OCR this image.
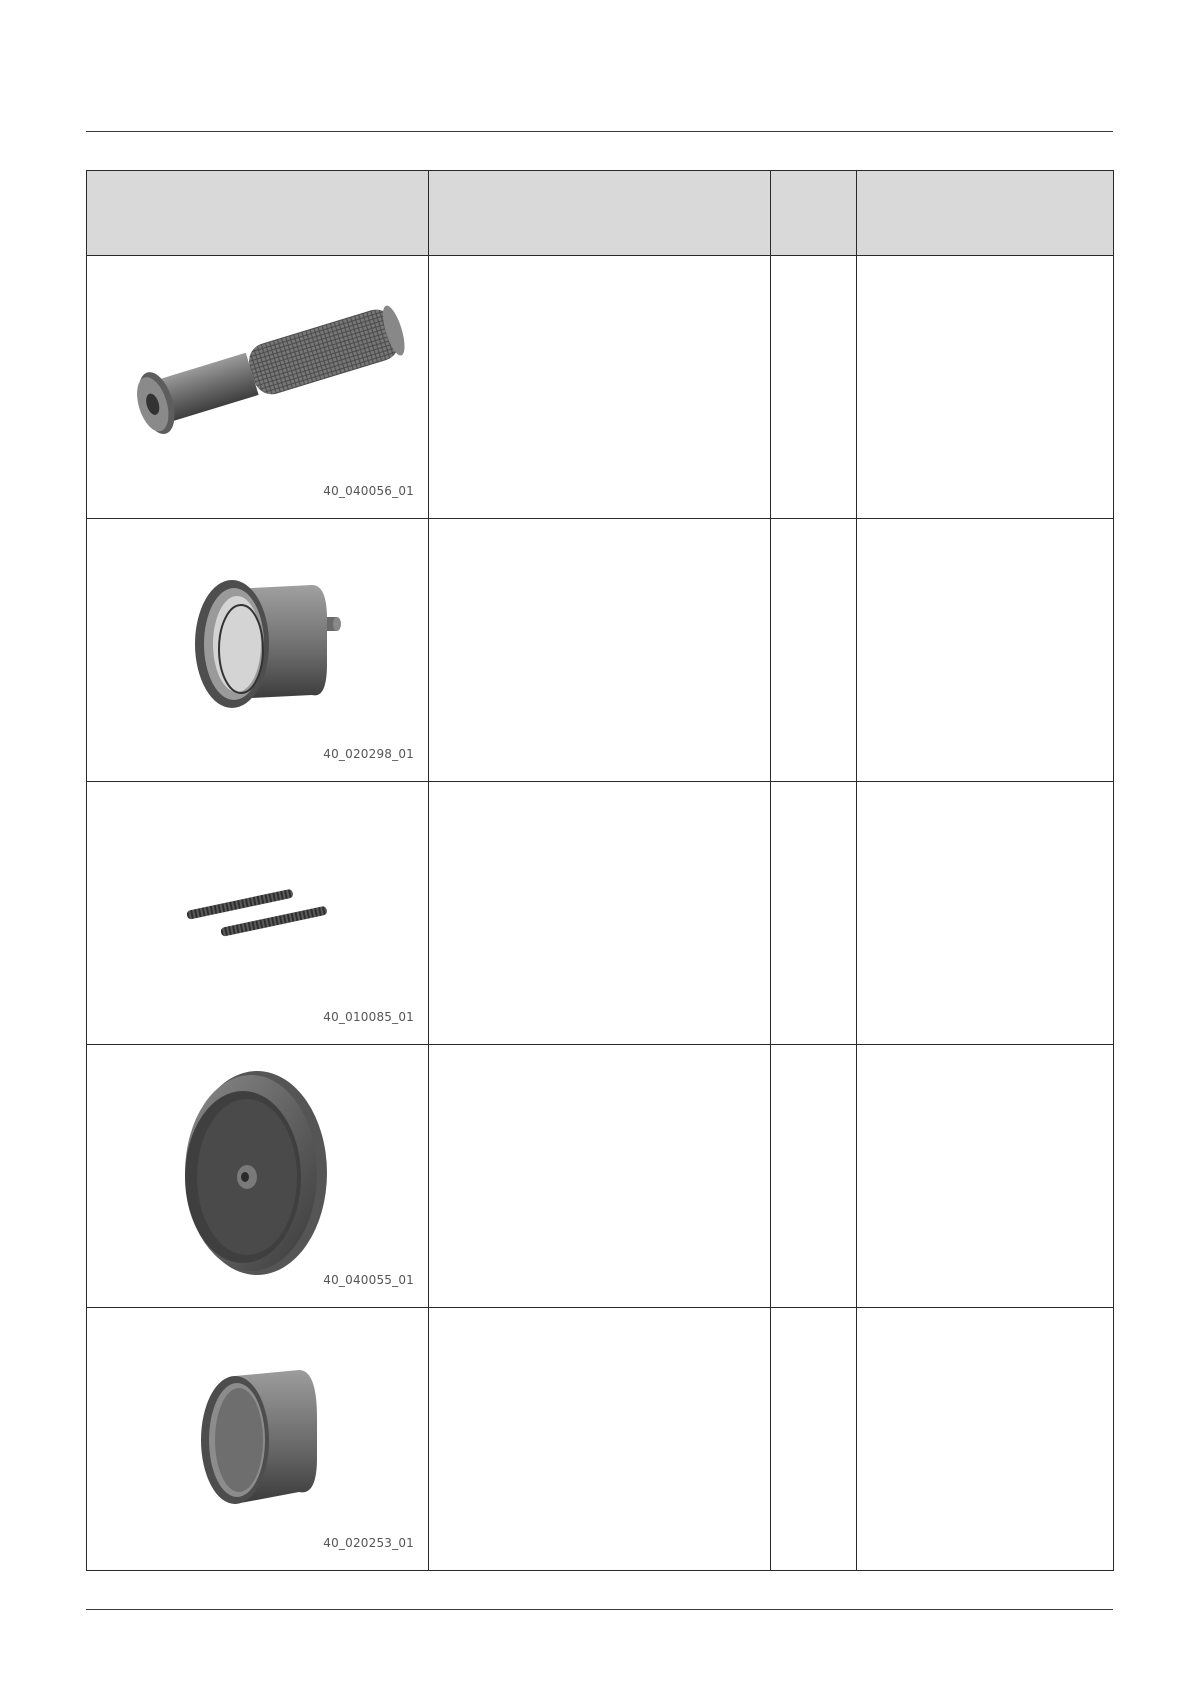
40_040056_01			

40_020298_01			

40_010085_01			

40_040055_01			

40_020253_01			
